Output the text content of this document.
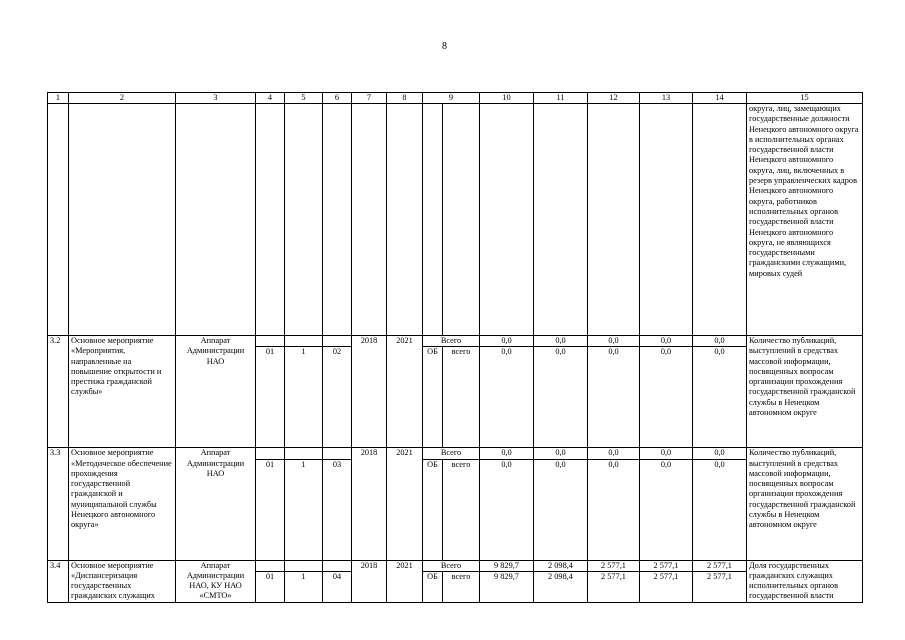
8
1	2	3	4	5	6	7	8	9		10	11	12	13	14	15
															округа, лиц, замещающих государственные должности Ненецкого автономного округа в исполнительных органах государственной власти Ненецкого автономного округа, лиц, включенных в резерв управленческих кадров Ненецкого автономного округа, работников исполнительных органов государственной власти Ненецкого автономного округа, не являющихся государственными гражданскими служащими, мировых судей
3.2	Основное мероприятие «Мероприятия, направленные на повышение открытости и престижа гражданской службы»	Аппарат Администрации НАО				2018	2021	Всего		0,0	0,0	0,0	0,0	0,0	Количество публикаций, выступлений в средствах массовой информации, посвященных вопросам организации прохождения государственной гражданской службы в Ненецком автономном округе
			01	1	02			ОБ	всего	0,0	0,0	0,0	0,0	0,0	
3.3	Основное мероприятие «Методическое обеспечение прохождения государственной гражданской и муниципальной службы Ненецкого автономного округа»	Аппарат Администрации НАО				2018	2021	Всего		0,0	0,0	0,0	0,0	0,0	Количество публикаций, выступлений в средствах массовой информации, посвященных вопросам организации прохождения государственной гражданской службы в Ненецком автономном округе
			01	1	03			ОБ	всего	0,0	0,0	0,0	0,0	0,0	
3.4	Основное мероприятие «Диспансеризация государственных гражданских служащих	Аппарат Администрации НАО, КУ НАО «СМТО»				2018	2021	Всего		9 829,7	2 098,4	2 577,1	2 577,1	2 577,1	Доля государственных гражданских служащих исполнительных органов государственной власти
			01	1	04			ОБ	всего	9 829,7	2 098,4	2 577,1	2 577,1	2 577,1	
